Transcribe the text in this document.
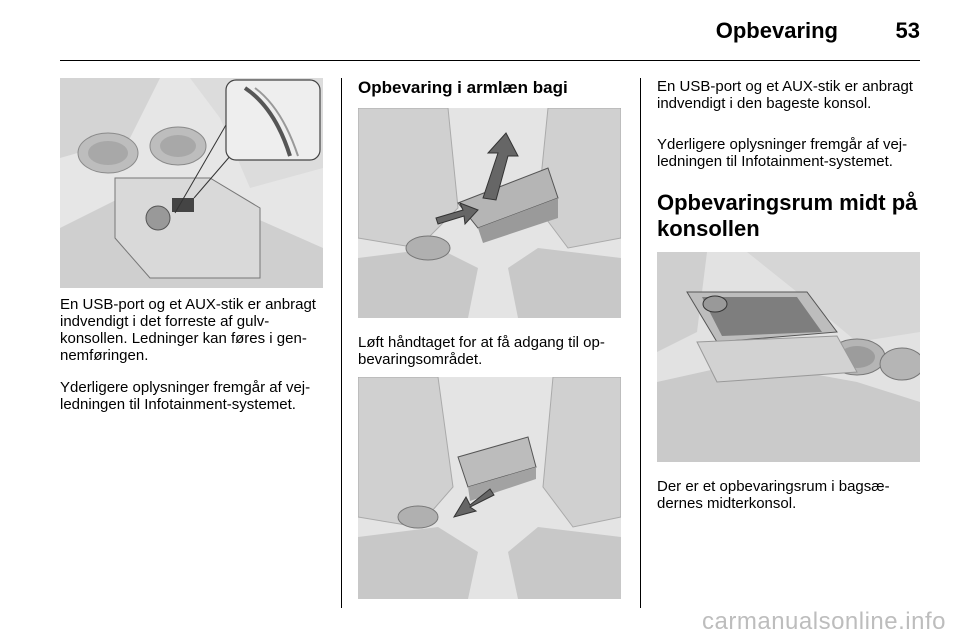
Opbevaring	53

En USB-port og et AUX-stik er anbragt indvendigt i det forreste af gulvkonsollen. Ledninger kan føres i gennemføringen.

Yderligere oplysninger fremgår af vejledningen til Infotainment-systemet.

Opbevaring i armlæn bagi

Løft håndtaget for at få adgang til opbevaringsområdet.

En USB-port og et AUX-stik er anbragt indvendigt i den bageste konsol.

Yderligere oplysninger fremgår af vejledningen til Infotainment-systemet.

Opbevaringsrum midt på konsollen

Der er et opbevaringsrum i bagsædernes midterkonsol.

carmanualsonline.info
